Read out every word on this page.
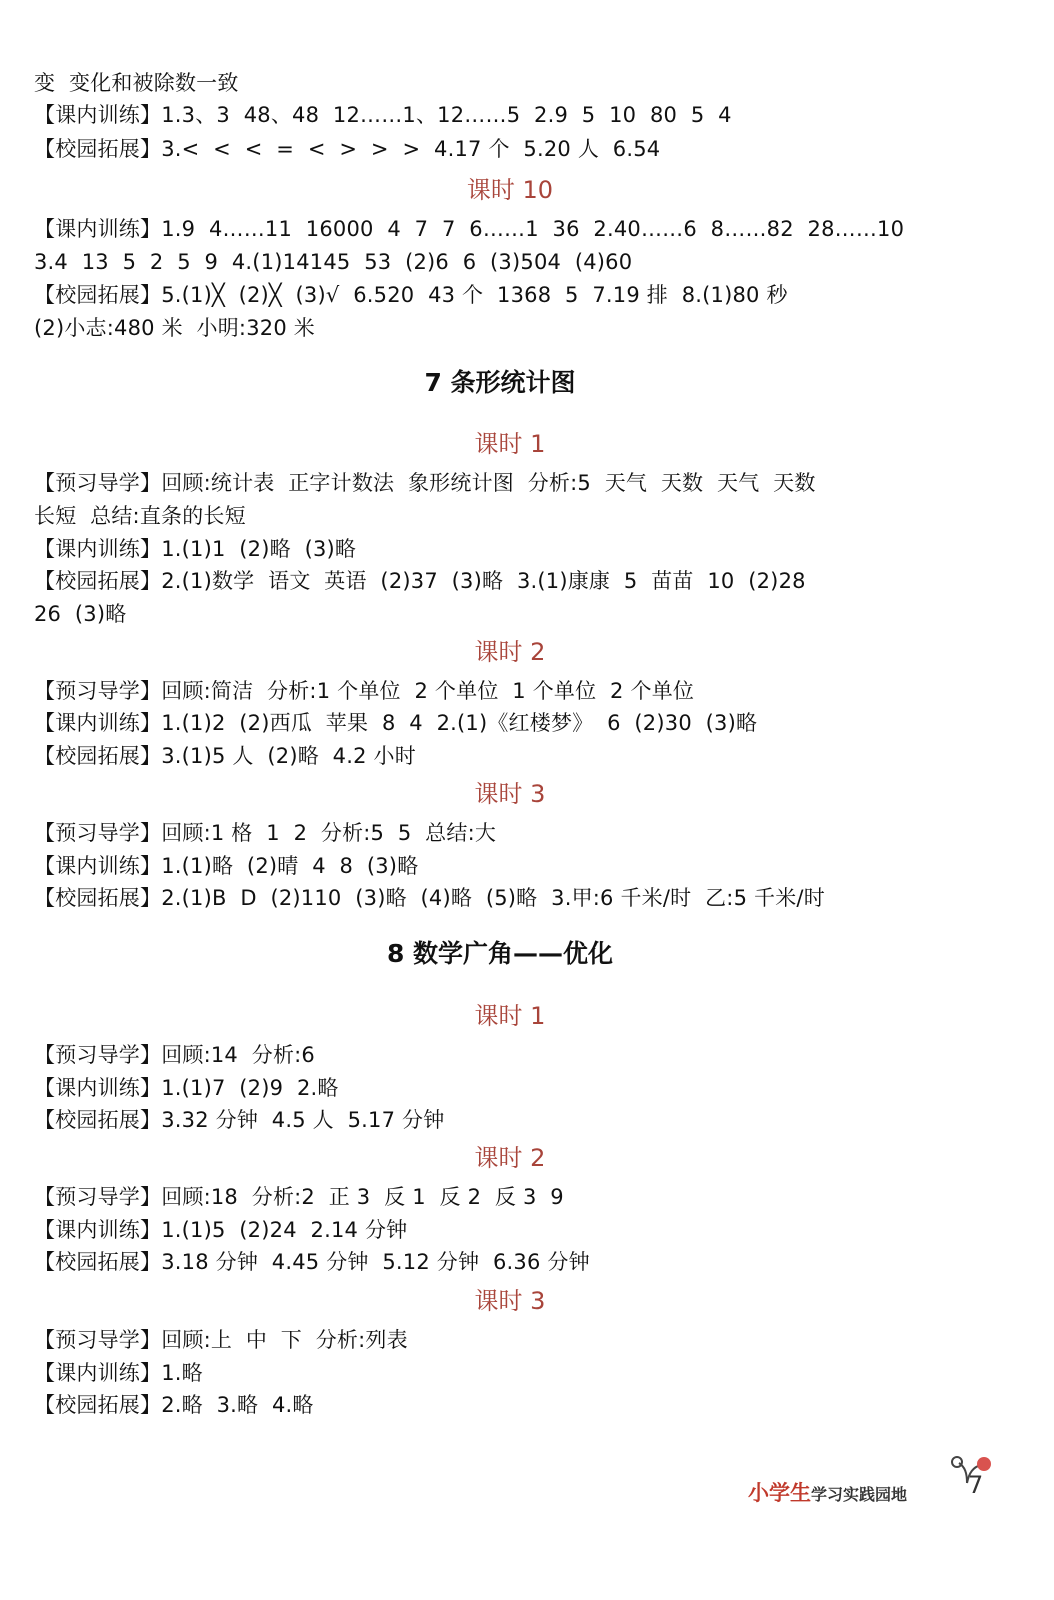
变  变化和被除数一致
【课内训练】1.3、3  48、48  12……1、12……5  2.9  5  10  80  5  4
【校园拓展】3.<  <  <  =  <  >  >  >  4.17 个  5.20 人  6.54
课时 10
【课内训练】1.9  4……11  16000  4  7  7  6……1  36  2.40……6  8……82  28……10
3.4  13  5  2  5  9  4.(1)14145  53  (2)6  6  (3)504  (4)60
【校园拓展】5.(1)╳  (2)╳  (3)√  6.520  43 个  1368  5  7.19 排  8.(1)80 秒
(2)小志:480 米  小明:320 米
7 条形统计图
课时 1
【预习导学】回顾:统计表  正字计数法  象形统计图  分析:5  天气  天数  天气  天数
长短  总结:直条的长短
【课内训练】1.(1)1  (2)略  (3)略
【校园拓展】2.(1)数学  语文  英语  (2)37  (3)略  3.(1)康康  5  苗苗  10  (2)28
26  (3)略
课时 2
【预习导学】回顾:简洁  分析:1 个单位  2 个单位  1 个单位  2 个单位
【课内训练】1.(1)2  (2)西瓜  苹果  8  4  2.(1)《红楼梦》  6  (2)30  (3)略
【校园拓展】3.(1)5 人  (2)略  4.2 小时
课时 3
【预习导学】回顾:1 格  1  2  分析:5  5  总结:大
【课内训练】1.(1)略  (2)晴  4  8  (3)略
【校园拓展】2.(1)B  D  (2)110  (3)略  (4)略  (5)略  3.甲:6 千米/时  乙:5 千米/时
8 数学广角——优化
课时 1
【预习导学】回顾:14  分析:6
【课内训练】1.(1)7  (2)9  2.略
【校园拓展】3.32 分钟  4.5 人  5.17 分钟
课时 2
【预习导学】回顾:18  分析:2  正 3  反 1  反 2  反 3  9
【课内训练】1.(1)5  (2)24  2.14 分钟
【校园拓展】3.18 分钟  4.45 分钟  5.12 分钟  6.36 分钟
课时 3
【预习导学】回顾:上  中  下  分析:列表
【课内训练】1.略
【校园拓展】2.略  3.略  4.略
小学生学习实践园地	7
